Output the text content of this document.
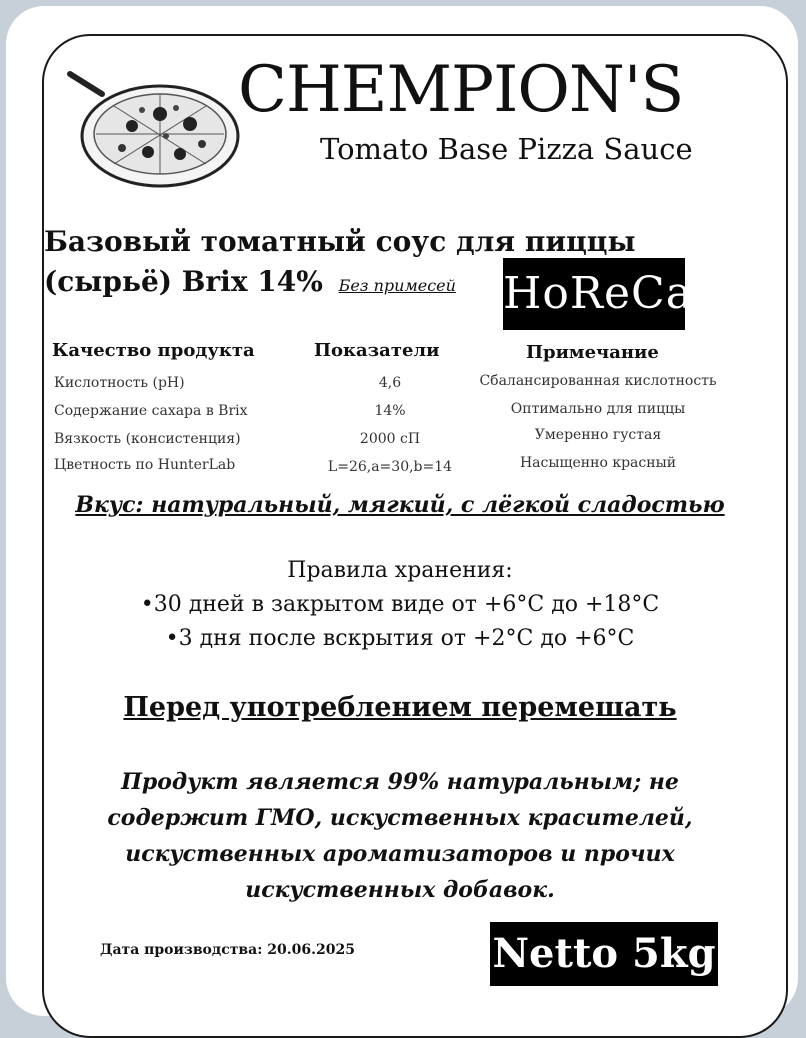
CHEMPION'S
Tomato Base Pizza Sauce
Базовый томатный соус для пиццы
(сырьё) Brix 14% Без примесей	HoReCa
Качество продукта	Показатели	Примечание
Кислотность (pH)	4,6	Сбалансированная кислотность
Содержание сахара в Brix	14%	Оптимально для пиццы
Вязкость (консистенция)	2000 сП	Умеренно густая
Цветность по HunterLab	L=26,a=30,b=14	Насыщенно красный
Вкус: натуральный, мягкий, с лёгкой сладостью
Правила хранения:
•30 дней в закрытом виде от +6°C до +18°C
•3 дня после вскрытия от +2°C до +6°C
Перед употреблением перемешать
Продукт является 99% натуральным; не
содержит ГМО, искуственных красителей,
искуственных ароматизаторов и прочих
искуственных добавок.
Дата производства: 20.06.2025	Netto 5kg
